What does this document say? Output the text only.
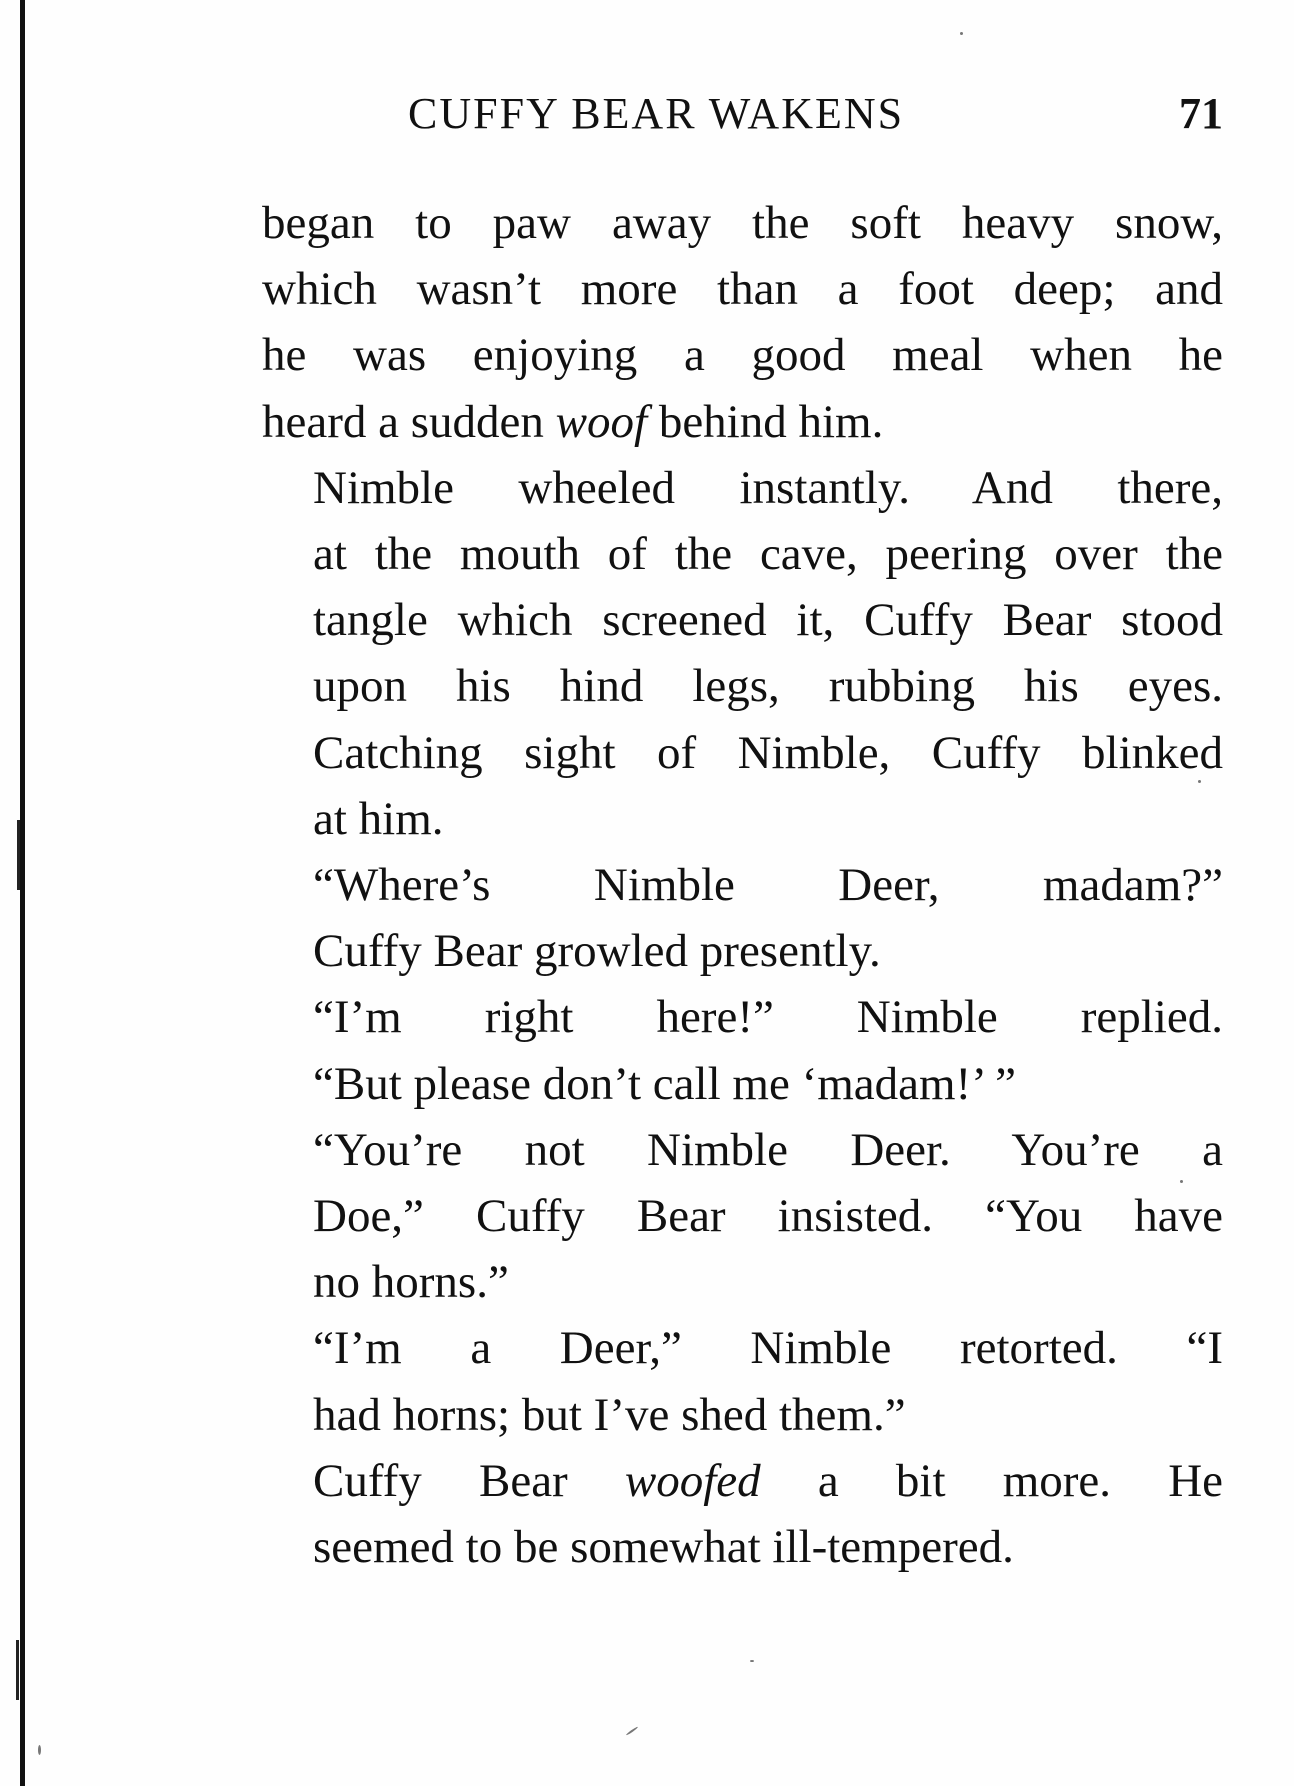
CUFFY BEAR WAKENS	71

began to paw away the soft heavy snow,
which wasn’t more than a foot deep; and
he was enjoying a good meal when he
heard a sudden woof behind him.

Nimble wheeled instantly. And there,
at the mouth of the cave, peering over the
tangle which screened it, Cuffy Bear stood
upon his hind legs, rubbing his eyes.
Catching sight of Nimble, Cuffy blinked
at him.

“Where’s Nimble Deer, madam?”
Cuffy Bear growled presently.

“I’m right here!” Nimble replied.
“But please don’t call me ‘madam!’ ”

“You’re not Nimble Deer. You’re a
Doe,” Cuffy Bear insisted. “You have
no horns.”

“I’m a Deer,” Nimble retorted. “I
had horns; but I’ve shed them.”

Cuffy Bear woofed a bit more. He
seemed to be somewhat ill-tempered.
